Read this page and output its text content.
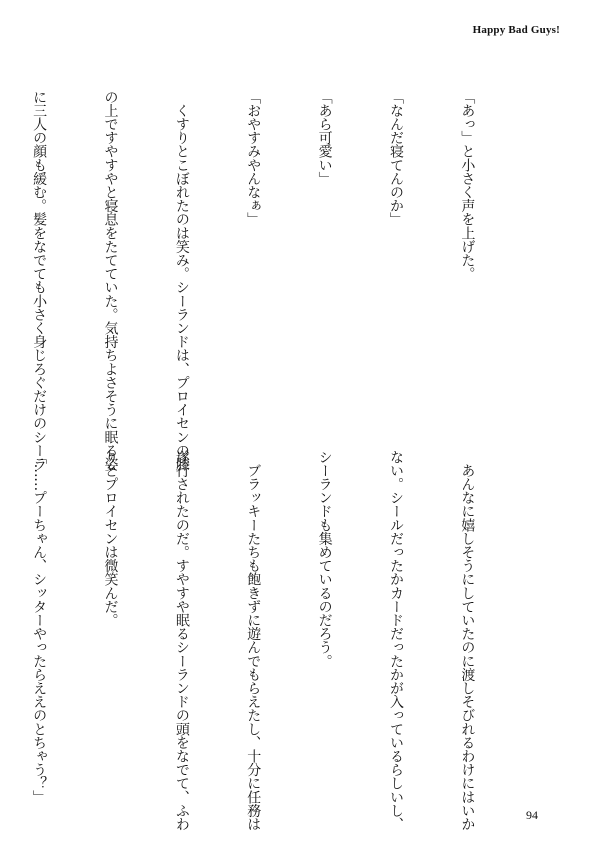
Happy Bad Guys!

「あっ」と小さく声を上げた。

「なんだ寝てんのか」

「あら可愛い」

「おやすみやんなぁ」

　くすりとこぼれたのは笑み。シーランドは、プロイセンの膝

の上ですやすやと寝息をたてていた。気持ちよさそうに眠る姿

に三人の顔も緩む。髪をなでても小さく身じろぐだけのシーラ

　あんなに嬉しそうにしていたのに渡しそびれるわけにはいか

ない。シールだったかカードだったかが入っているらしいし、

シーランドも集めているのだろう。

　ブラッキーたちも飽きずに遊んでもらえたし、十分に任務は

遂行されたのだ。すやすや眠るシーランドの頭をなでて、ふわ

りとプロイセンは微笑んだ。

「……プーちゃん、シッターやったらええのとちゃう？」

94
